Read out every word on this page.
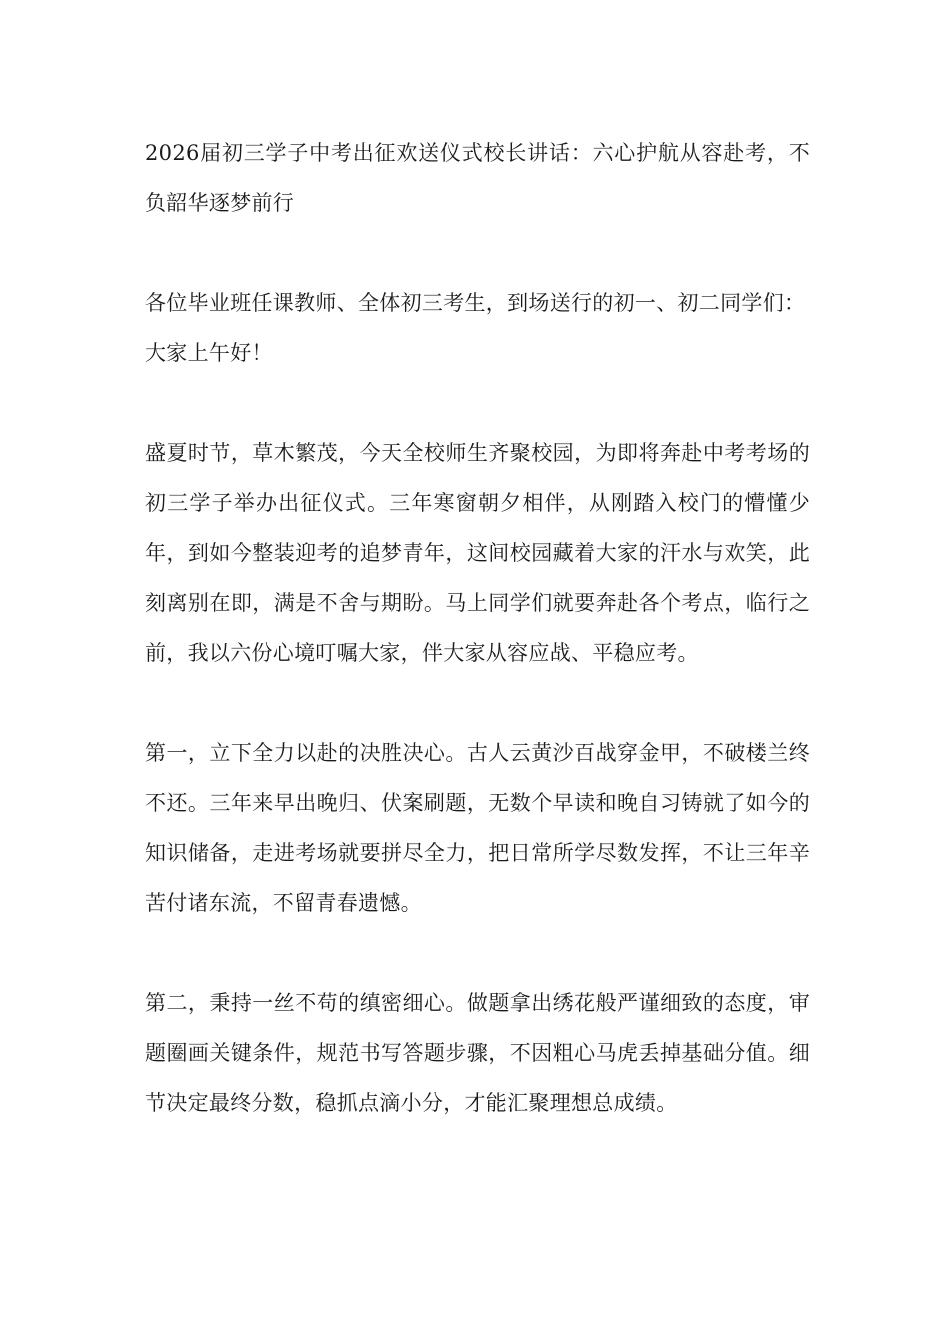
2026届初三学子中考出征欢送仪式校长讲话：六心护航从容赴考，不负韶华逐梦前行

各位毕业班任课教师、全体初三考生，到场送行的初一、初二同学们：

大家上午好！

盛夏时节，草木繁茂，今天全校师生齐聚校园，为即将奔赴中考考场的初三学子举办出征仪式。三年寒窗朝夕相伴，从刚踏入校门的懵懂少年，到如今整装迎考的追梦青年，这间校园藏着大家的汗水与欢笑，此刻离别在即，满是不舍与期盼。马上同学们就要奔赴各个考点，临行之前，我以六份心境叮嘱大家，伴大家从容应战、平稳应考。

第一，立下全力以赴的决胜决心。古人云黄沙百战穿金甲，不破楼兰终不还。三年来早出晚归、伏案刷题，无数个早读和晚自习铸就了如今的知识储备，走进考场就要拼尽全力，把日常所学尽数发挥，不让三年辛苦付诸东流，不留青春遗憾。

第二，秉持一丝不苟的缜密细心。做题拿出绣花般严谨细致的态度，审题圈画关键条件，规范书写答题步骤，不因粗心马虎丢掉基础分值。细节决定最终分数，稳抓点滴小分，才能汇聚理想总成绩。
